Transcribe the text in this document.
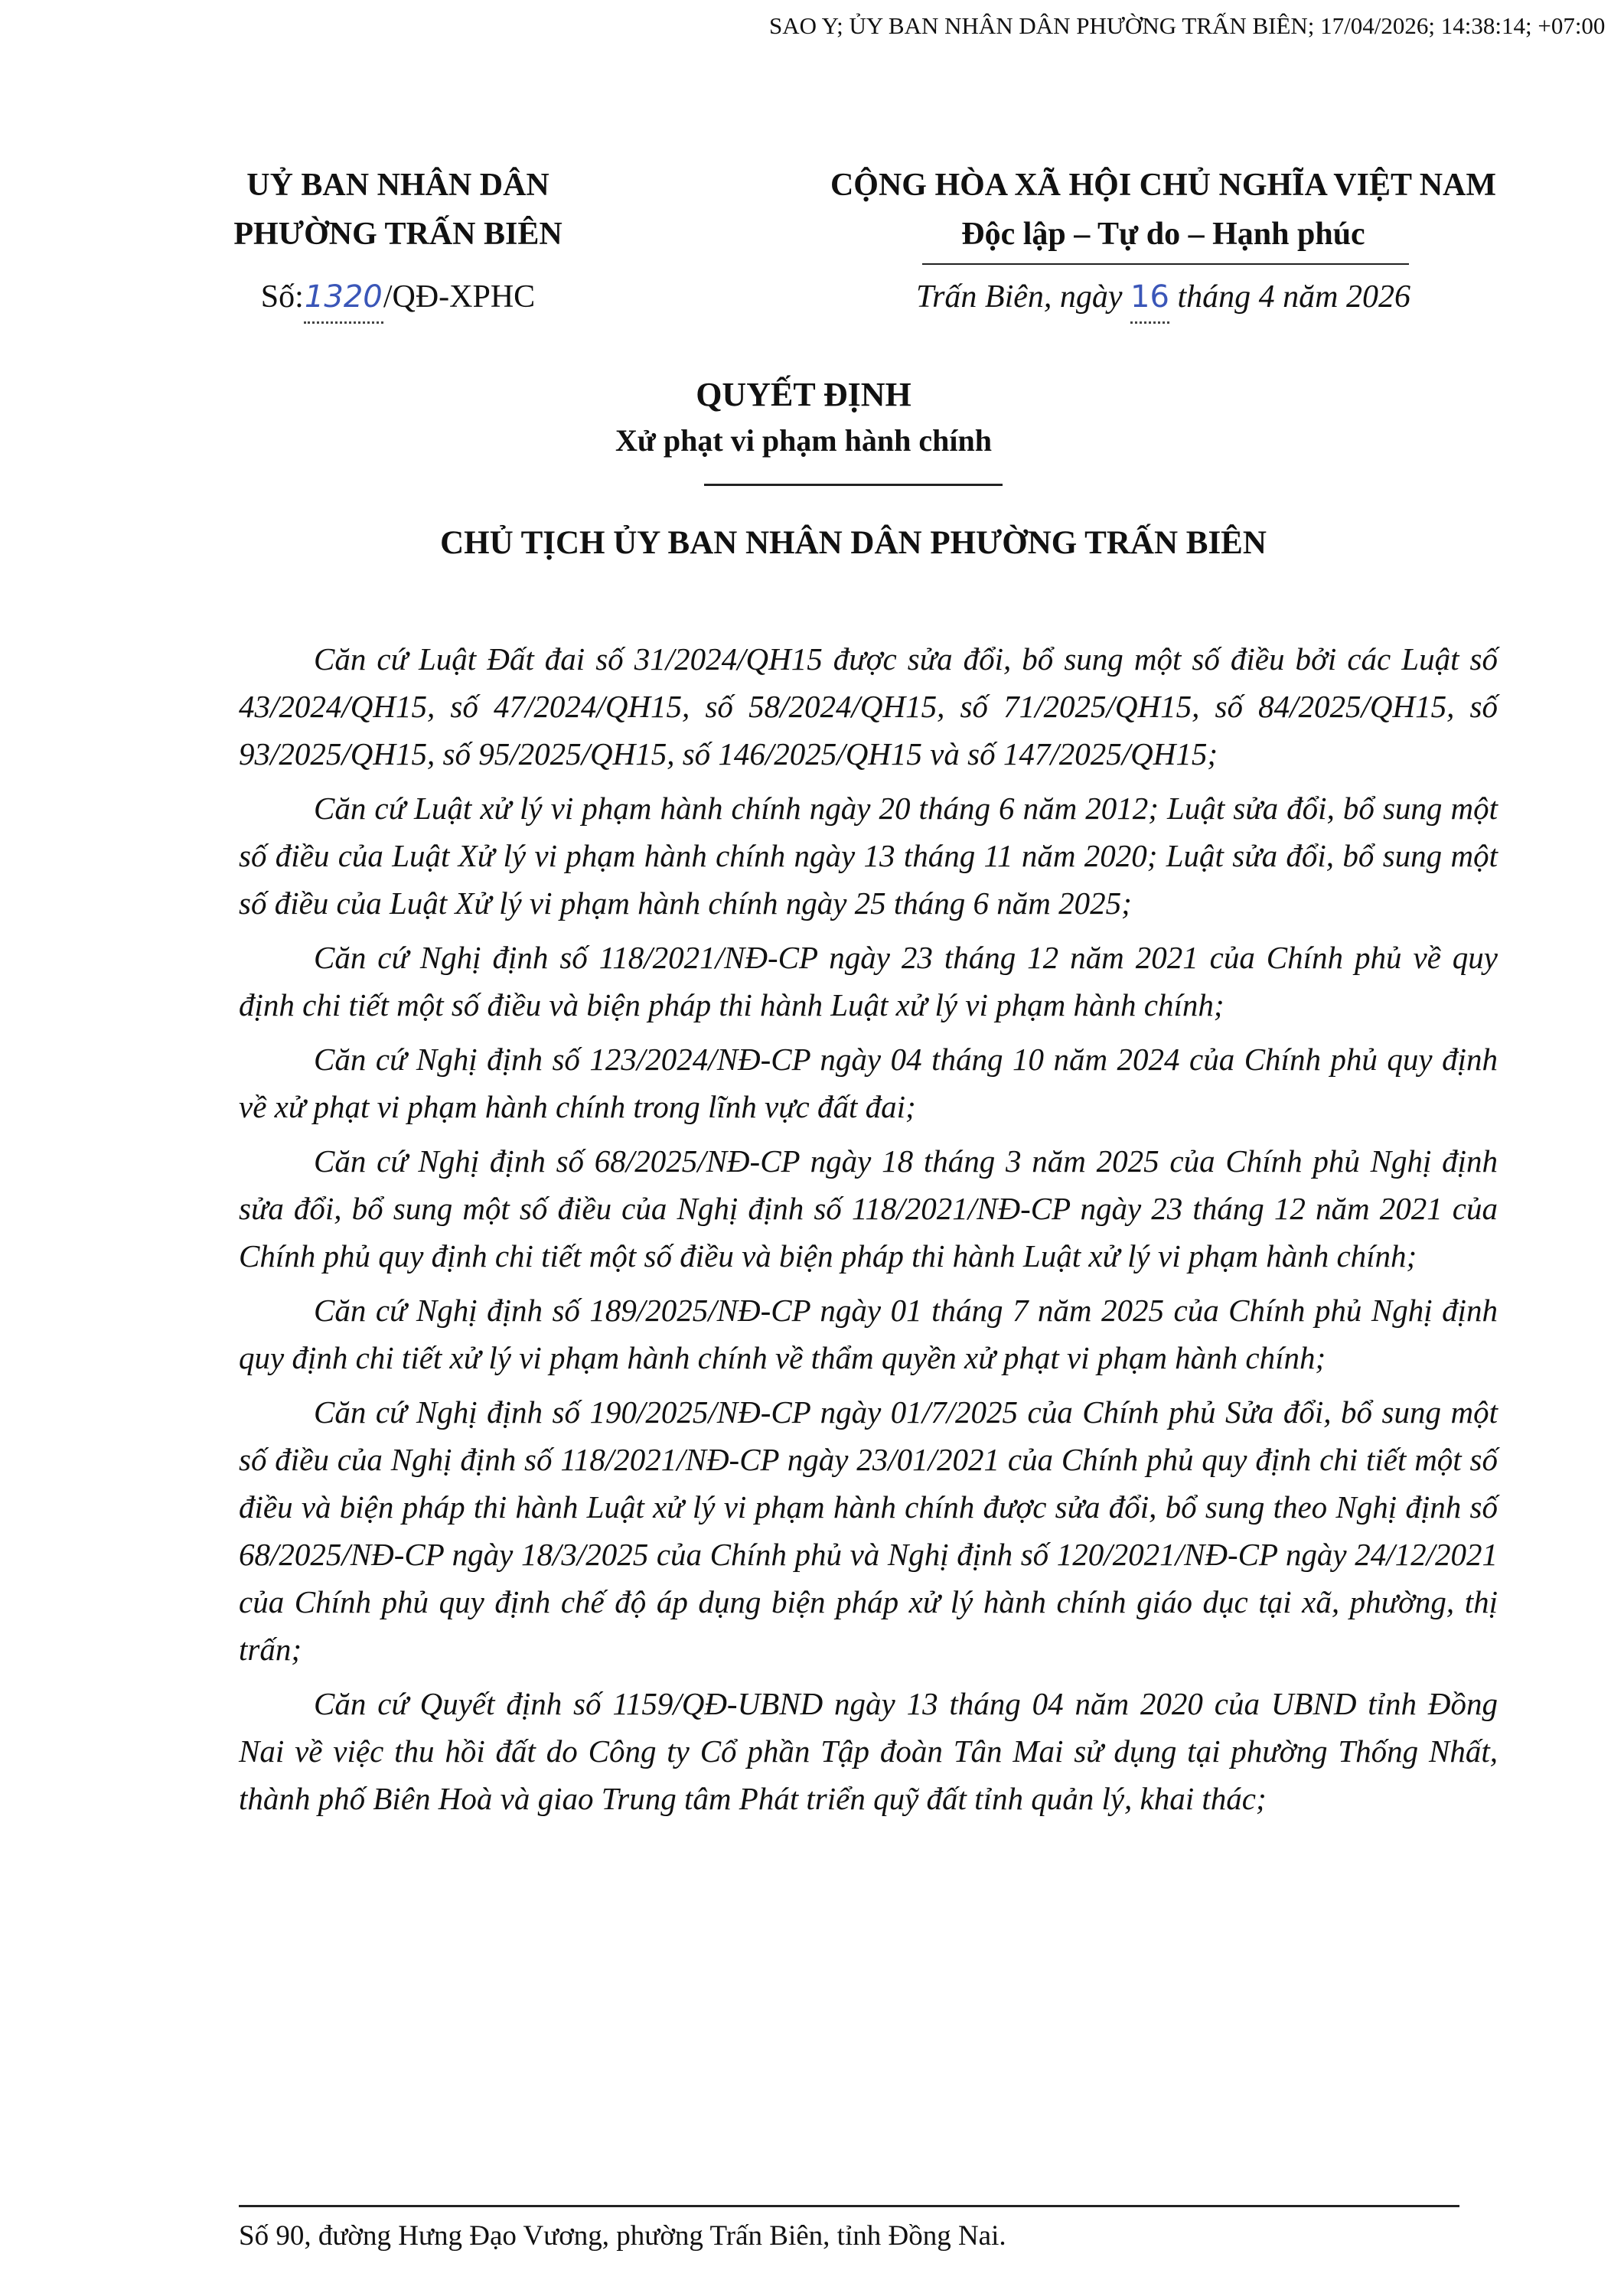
SAO Y; ỦY BAN NHÂN DÂN PHƯỜNG TRẤN BIÊN; 17/04/2026; 14:38:14; +07:00
UỶ BAN NHÂN DÂN
PHƯỜNG TRẤN BIÊN
CỘNG HÒA XÃ HỘI CHỦ NGHĨA VIỆT NAM
Độc lập – Tự do – Hạnh phúc
Số:1320/QĐ-XPHC	Trấn Biên, ngày 16 tháng 4 năm 2026
QUYẾT ĐỊNH
Xử phạt vi phạm hành chính
CHỦ TỊCH ỦY BAN NHÂN DÂN PHƯỜNG TRẤN BIÊN

Căn cứ Luật Đất đai số 31/2024/QH15 được sửa đổi, bổ sung một số điều bởi các Luật số 43/2024/QH15, số 47/2024/QH15, số 58/2024/QH15, số 71/2025/QH15, số 84/2025/QH15, số 93/2025/QH15, số 95/2025/QH15, số 146/2025/QH15 và số 147/2025/QH15;

Căn cứ Luật xử lý vi phạm hành chính ngày 20 tháng 6 năm 2012; Luật sửa đổi, bổ sung một số điều của Luật Xử lý vi phạm hành chính ngày 13 tháng 11 năm 2020; Luật sửa đổi, bổ sung một số điều của Luật Xử lý vi phạm hành chính ngày 25 tháng 6 năm 2025;

Căn cứ Nghị định số 118/2021/NĐ-CP ngày 23 tháng 12 năm 2021 của Chính phủ về quy định chi tiết một số điều và biện pháp thi hành Luật xử lý vi phạm hành chính;

Căn cứ Nghị định số 123/2024/NĐ-CP ngày 04 tháng 10 năm 2024 của Chính phủ quy định về xử phạt vi phạm hành chính trong lĩnh vực đất đai;

Căn cứ Nghị định số 68/2025/NĐ-CP ngày 18 tháng 3 năm 2025 của Chính phủ Nghị định sửa đổi, bổ sung một số điều của Nghị định số 118/2021/NĐ-CP ngày 23 tháng 12 năm 2021 của Chính phủ quy định chi tiết một số điều và biện pháp thi hành Luật xử lý vi phạm hành chính;

Căn cứ Nghị định số 189/2025/NĐ-CP ngày 01 tháng 7 năm 2025 của Chính phủ Nghị định quy định chi tiết xử lý vi phạm hành chính về thẩm quyền xử phạt vi phạm hành chính;

Căn cứ Nghị định số 190/2025/NĐ-CP ngày 01/7/2025 của Chính phủ Sửa đổi, bổ sung một số điều của Nghị định số 118/2021/NĐ-CP ngày 23/01/2021 của Chính phủ quy định chi tiết một số điều và biện pháp thi hành Luật xử lý vi phạm hành chính được sửa đổi, bổ sung theo Nghị định số 68/2025/NĐ-CP ngày 18/3/2025 của Chính phủ và Nghị định số 120/2021/NĐ-CP ngày 24/12/2021 của Chính phủ quy định chế độ áp dụng biện pháp xử lý hành chính giáo dục tại xã, phường, thị trấn;

Căn cứ Quyết định số 1159/QĐ-UBND ngày 13 tháng 04 năm 2020 của UBND tỉnh Đồng Nai về việc thu hồi đất do Công ty Cổ phần Tập đoàn Tân Mai sử dụng tại phường Thống Nhất, thành phố Biên Hoà và giao Trung tâm Phát triển quỹ đất tỉnh quản lý, khai thác;

Số 90, đường Hưng Đạo Vương, phường Trấn Biên, tỉnh Đồng Nai.
